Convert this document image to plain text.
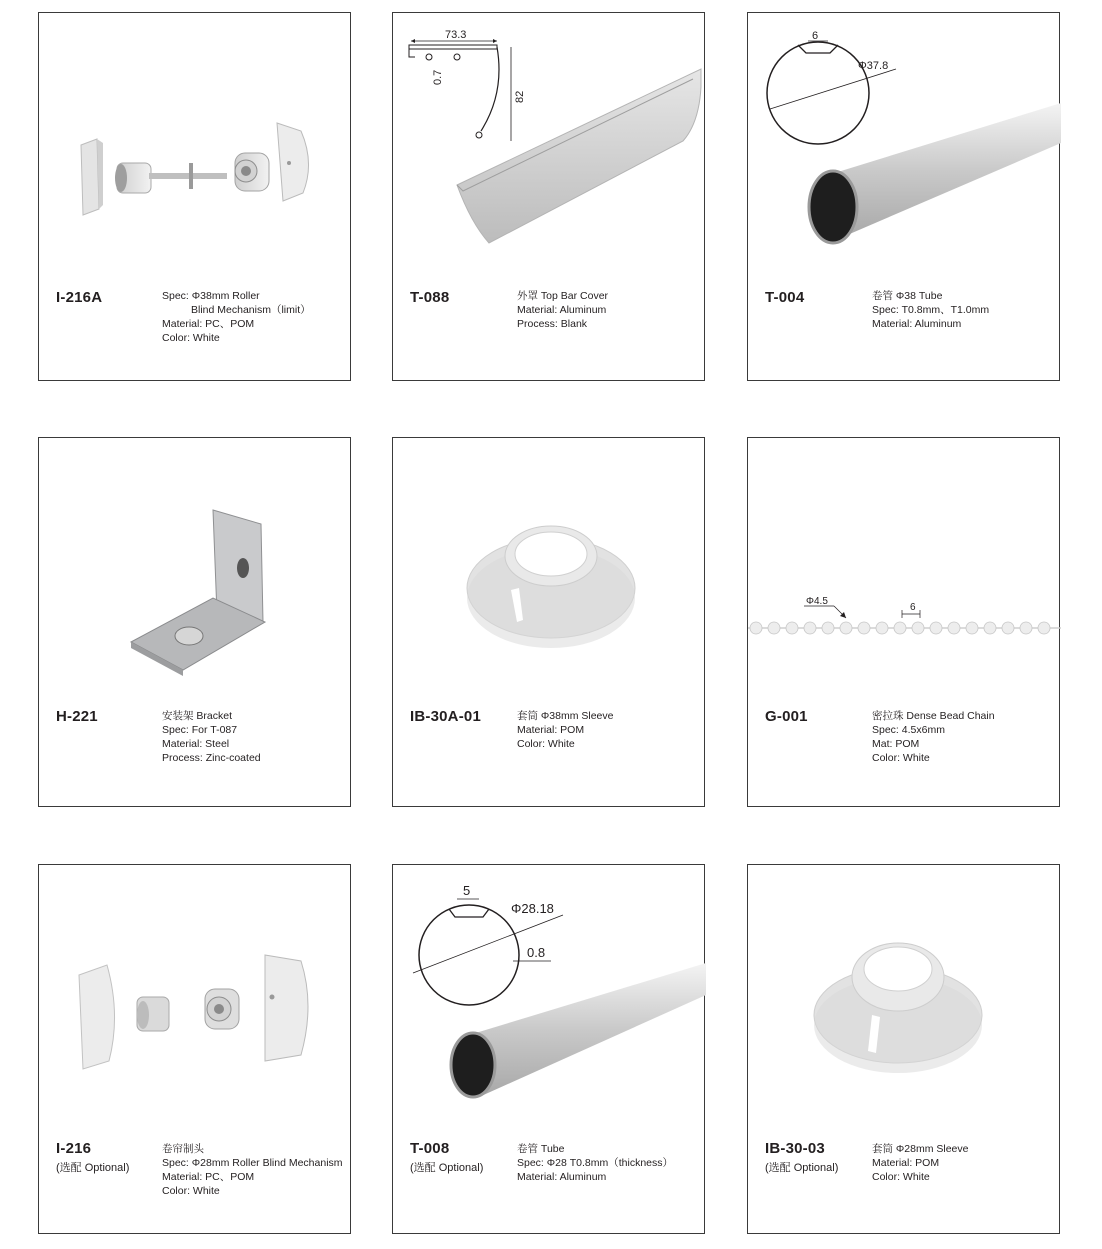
I-216A	Spec: Φ38mm Roller
Blind Mechanism（limit）
Material: PC、POM
Color: White
73.3
0.7
82
T-088	外罩 Top Bar Cover
Material: Aluminum
Process: Blank
6
Φ37.8
T-004	卷管 Φ38 Tube
Spec: T0.8mm、T1.0mm
Material: Aluminum
H-221	安装架 Bracket
Spec: For T-087
Material: Steel
Process: Zinc-coated
IB-30A-01	套筒 Φ38mm Sleeve
Material: POM
Color: White
Φ4.5
6
G-001	密拉珠 Dense Bead Chain
Spec: 4.5x6mm
Mat: POM
Color: White
I-216
(选配 Optional)
卷帘制头
Spec: Φ28mm Roller Blind Mechanism
Material: PC、POM
Color: White
5
Φ28.18
0.8
T-008
(选配 Optional)
卷管 Tube
Spec: Φ28 T0.8mm（thickness）
Material: Aluminum
IB-30-03
(选配 Optional)
套筒 Φ28mm Sleeve
Material: POM
Color: White
